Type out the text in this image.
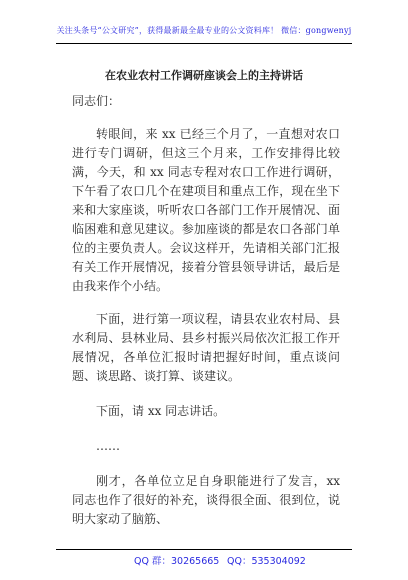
关注头条号“公文研究”，获得最新最全最专业的公文资料库！ 微信：gongwenyj
在农业农村工作调研座谈会上的主持讲话

同志们：

转眼间，来 xx 已经三个月了，一直想对农口进行专门调研，但这三个月来，工作安排得比较满，今天，和 xx 同志专程对农口工作进行调研，下午看了农口几个在建项目和重点工作，现在坐下来和大家座谈，听听农口各部门工作开展情况、面临困难和意见建议。参加座谈的都是农口各部门单位的主要负责人。会议这样开，先请相关部门汇报有关工作开展情况，接着分管县领导讲话，最后是由我来作个小结。

下面，进行第一项议程，请县农业农村局、县水利局、县林业局、县乡村振兴局依次汇报工作开展情况，各单位汇报时请把握好时间，重点谈问题、谈思路、谈打算、谈建议。

下面，请 xx 同志讲话。

……

刚才，各单位立足自身职能进行了发言，xx 同志也作了很好的补充，谈得很全面、很到位，说明大家动了脑筋、

QQ 群：30265665 QQ：535304092
